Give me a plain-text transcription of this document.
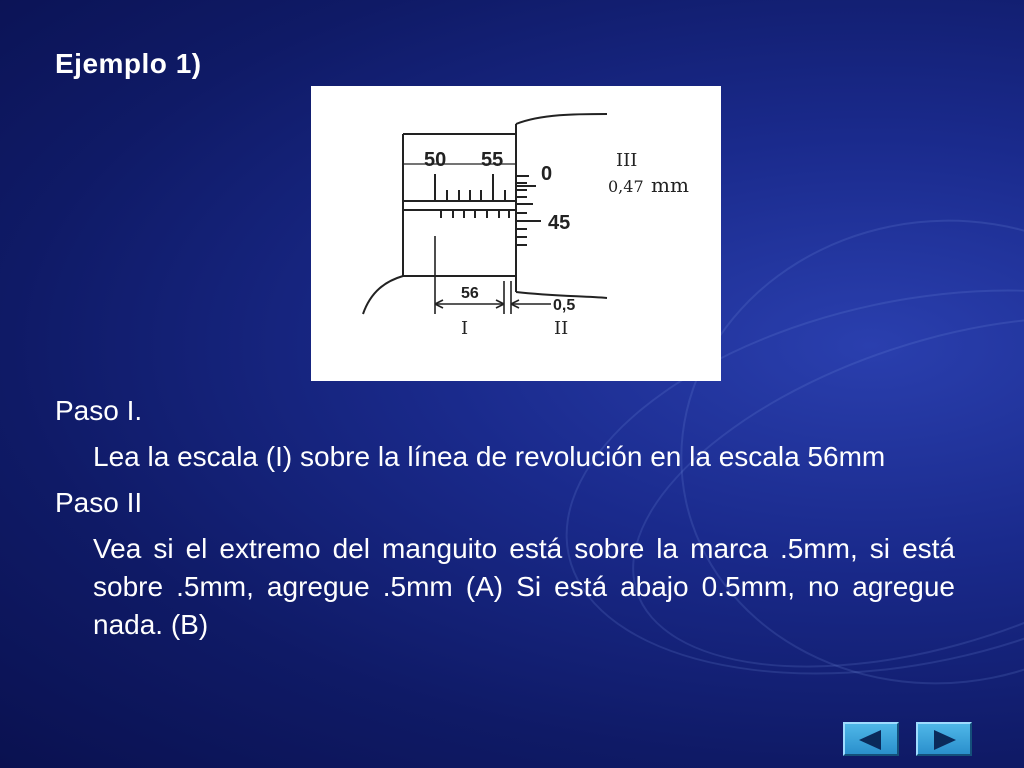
Ejemplo 1)
50 55
0
45
56
0,5
III
0,47 mm
I	II

Paso I.

Lea la escala (I) sobre la línea de revolución en la escala 56mm

Paso II

Vea si el extremo del manguito está sobre la marca .5mm, si está sobre .5mm, agregue .5mm (A) Si está abajo 0.5mm, no agregue nada. (B)
